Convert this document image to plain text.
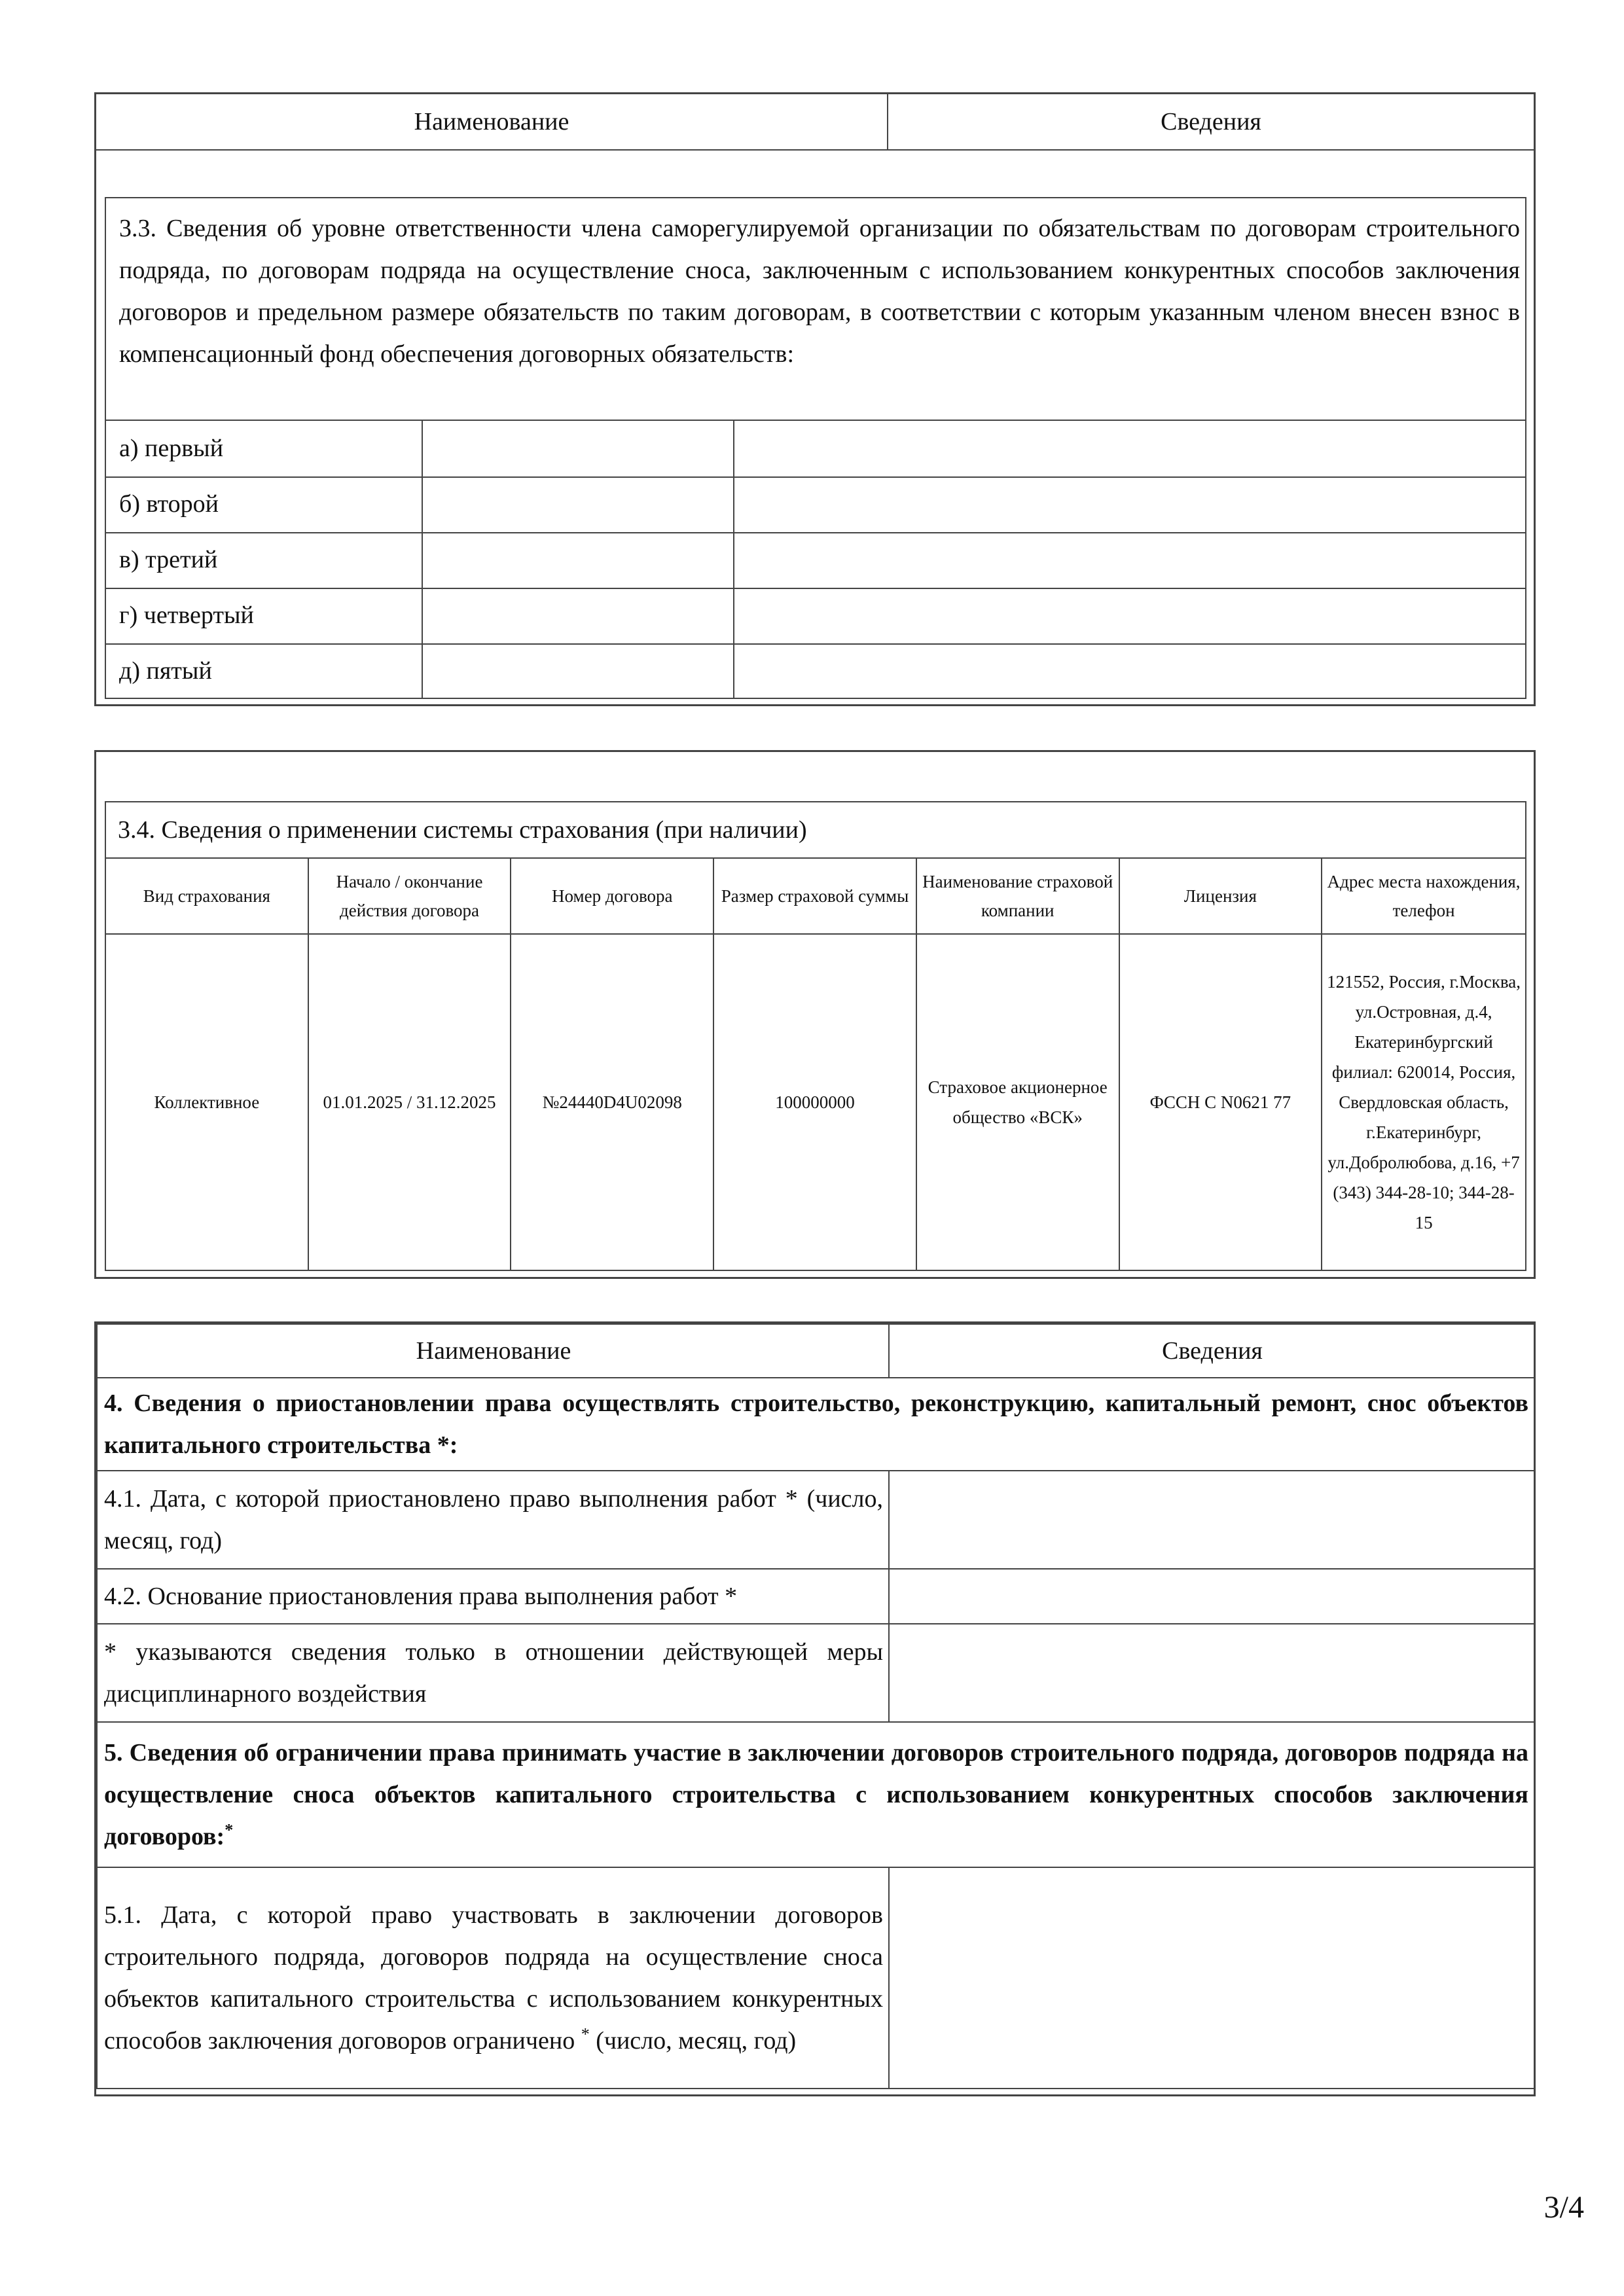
Наименование	Сведения
3.3. Сведения об уровне ответственности члена саморегулируемой организации по обязательствам по договорам строительного подряда, по договорам подряда на осуществление сноса, заключенным с использованием конкурентных способов заключения договоров и предельном размере обязательств по таким договорам, в соответствии с которым указанным членом внесен взнос в компенсационный фонд обеспечения договорных обязательств:
а) первый
б) второй
в) третий
г) четвертый
д) пятый
3.4. Сведения о применении системы страхования (при наличии)						
Вид страхования	Начало / окончание действия договора	Номер договора	Размер страховой суммы	Наименование страховой компании	Лицензия	Адрес места нахождения, телефон
Коллективное	01.01.2025 / 31.12.2025	№24440D4U02098	100000000	Страховое акционерное общество «ВСК»	ФССН С N0621 77	121552, Россия, г.Москва, ул.Островная, д.4, Екатеринбургский филиал: 620014, Россия, Свердловская область, г.Екатеринбург, ул.Добролюбова, д.16, +7 (343) 344-28-10; 344-28-15
Наименование	Сведения
4. Сведения о приостановлении права осуществлять строительство, реконструкцию, капитальный ремонт, снос объектов капитального строительства *:	
4.1. Дата, с которой приостановлено право выполнения работ * (число, месяц, год)	
4.2. Основание приостановления права выполнения работ *	
* указываются сведения только в отношении действующей меры дисциплинарного воздействия	
5. Сведения об ограничении права принимать участие в заключении договоров строительного подряда, договоров подряда на осуществление сноса объектов капитального строительства с использованием конкурентных способов заключения договоров:*
5.1. Дата, с которой право участвовать в заключении договоров строительного подряда, договоров подряда на осуществление сноса объектов капитального строительства с использованием конкурентных способов заключения договоров ограничено * (число, месяц, год)	
3/4
